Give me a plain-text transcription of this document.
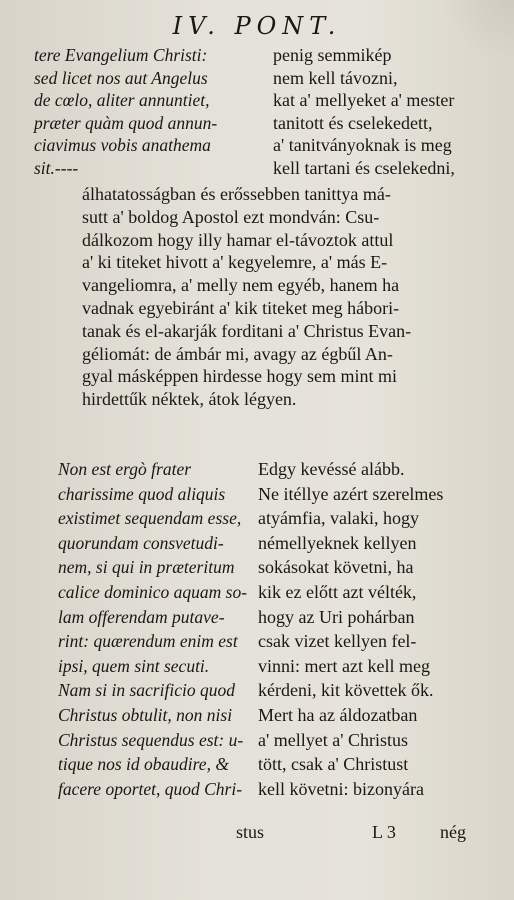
IV. PONT.
tere Evangelium Christi:
sed licet nos aut Angelus
de cœlo, aliter annuntiet,
præter quàm quod annun-
ciavimus vobis anathema
sit.----
penig semmikép
nem kell távozni,
kat a' mellyeket a' mester
tanitott és cselekedett,
a' tanitványoknak is meg
kell tartani és cselekedni,
álhatatosságban és erőssebben tanittya má-
sutt a' boldog Apostol ezt mondván: Csu-
dálkozom hogy illy hamar el-távoztok attul
a' ki titeket hivott a' kegyelemre, a' más E-
vangeliomra, a' melly nem egyéb, hanem ha
vadnak egyebiránt a' kik titeket meg hábori-
tanak és el-akarják forditani a' Christus Evan-
géliomát: de ámbár mi, avagy az égbűl An-
gyal másképpen hirdesse hogy sem mint mi
hirdettűk néktek, átok légyen.
Non est ergò frater
charissime quod aliquis
existimet sequendam esse,
quorundam consvetudi-
nem, si qui in præteritum
calice dominico aquam so-
lam offerendam putave-
rint: quærendum enim est
ipsi, quem sint secuti.
Nam si in sacrificio quod
Christus obtulit, non nisi
Christus sequendus est: u-
tique nos id obaudire, &
facere oportet, quod Chri-
Edgy kevéssé alább.
Ne itéllye azért szerelmes
atyámfia, valaki, hogy
némellyeknek kellyen
sokásokat követni, ha
kik ez előtt azt vélték,
hogy az Uri pohárban
csak vizet kellyen fel-
vinni: mert azt kell meg
kérdeni, kit követtek ők.
Mert ha az áldozatban
a' mellyet a' Christus
tött, csak a' Christust
kell követni: bizonyára
stus	L 3 nég
